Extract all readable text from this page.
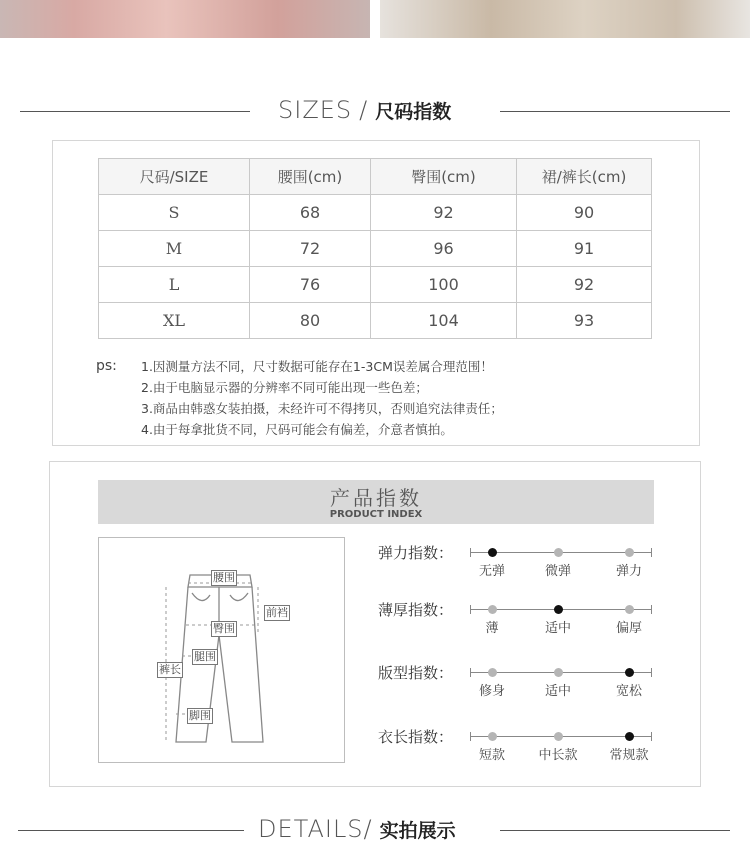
SIZES / 尺码指数
尺码/SIZE	腰围(cm)	臀围(cm)	裙/裤长(cm)
S	68	92	90
M	72	96	91
L	76	100	92
XL	80	104	93
ps: 1.因测量方法不同，尺寸数据可能存在1-3CM误差属合理范围！
2.由于电脑显示器的分辨率不同可能出现一些色差；
3.商品由韩惑女装拍摄，未经许可不得拷贝，否则追究法律责任；
4.由于每拿批货不同，尺码可能会有偏差，介意者慎拍。
产品指数
PRODUCT INDEX
腰围
前裆
臀围
腿围
裤长
脚围
弹力指数：
无弹	微弹	弹力
薄厚指数：
薄	适中	偏厚
版型指数：
修身	适中	宽松
衣长指数：
短款	中长款	常规款
DETAILS/ 实拍展示
